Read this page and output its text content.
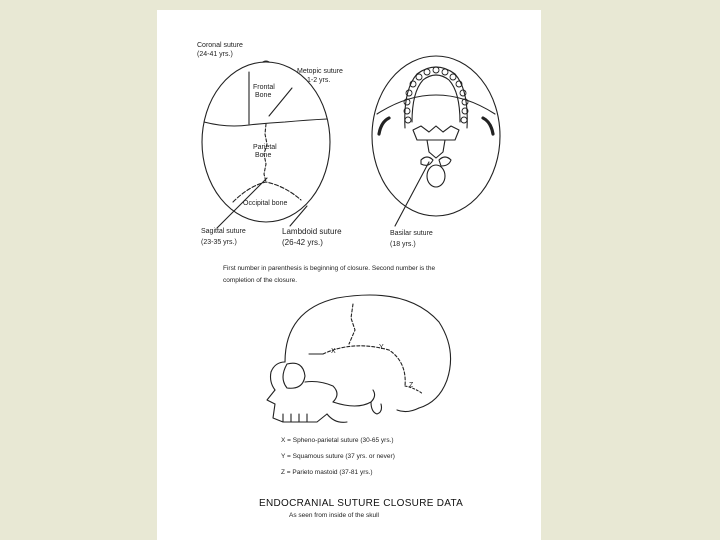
Coronal suture
(24-41 yrs.)
Metopic suture
1-2 yrs.
Frontal
Bone
Parietal
Bone
Occipital bone
Sagittal suture
(23-35 yrs.)
Lambdoid suture
(26-42 yrs.)
Basilar suture
(18 yrs.)
First number in parenthesis is beginning of closure. Second number is the
completion of the closure.
X
Y
Z
X = Spheno-parietal suture (30-65 yrs.)
Y = Squamous suture (37 yrs. or never)
Z = Parieto mastoid (37-81 yrs.)
ENDOCRANIAL SUTURE CLOSURE DATA
As seen from inside of the skull
